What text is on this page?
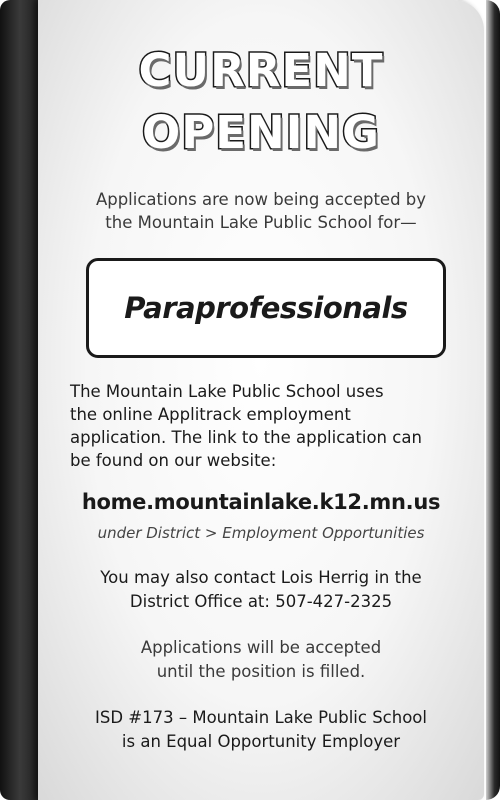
CURRENT
OPENING
Applications are now being accepted by
the Mountain Lake Public School for—
Paraprofessionals
The Mountain Lake Public School uses
the online Applitrack employment
application. The link to the application can
be found on our website:
home.mountainlake.k12.mn.us
under District > Employment Opportunities
You may also contact Lois Herrig in the
District Office at: 507-427-2325
Applications will be accepted
until the position is filled.
ISD #173 – Mountain Lake Public School
is an Equal Opportunity Employer
